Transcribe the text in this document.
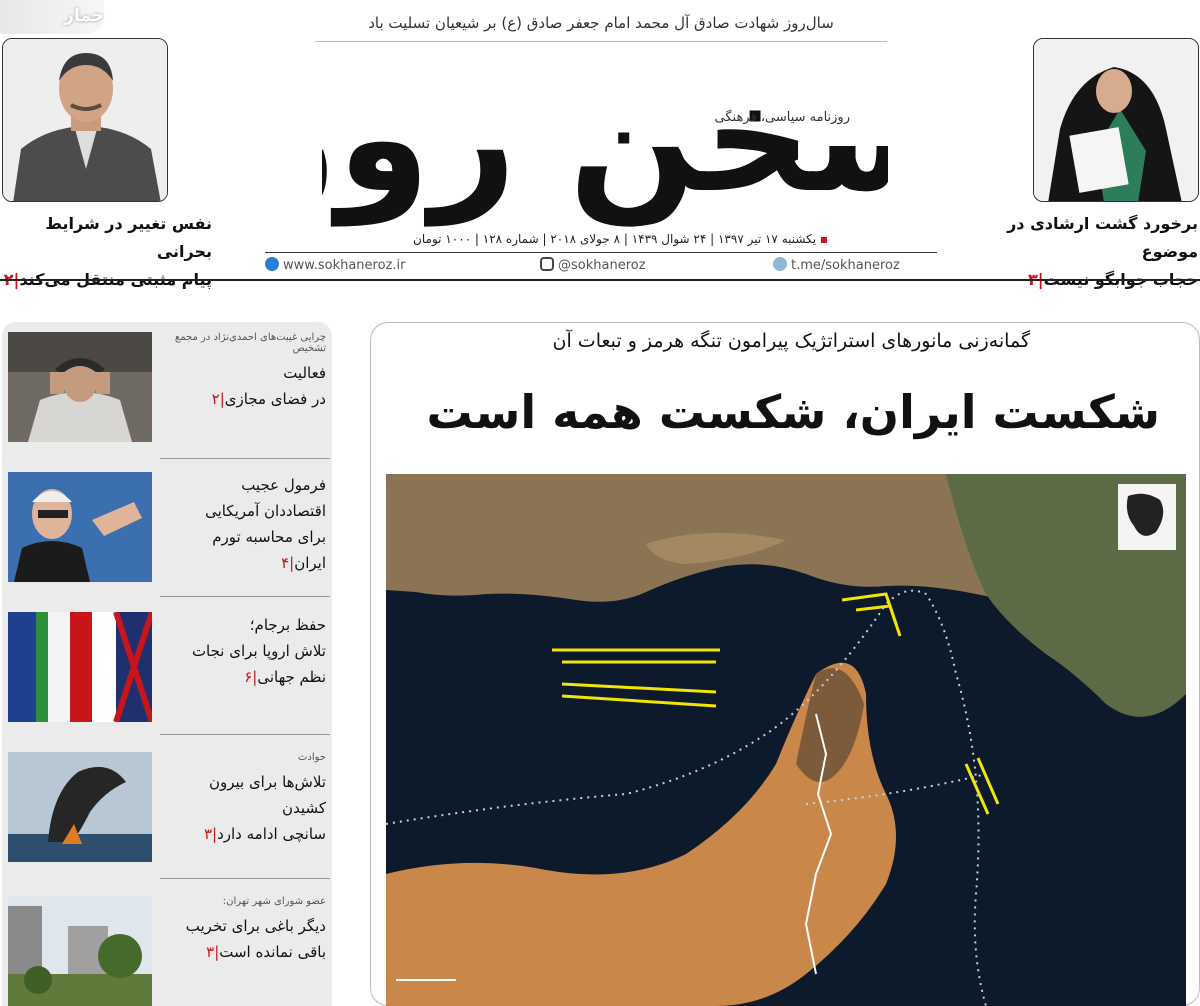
جمار	سال‌روز شهادت صادق آل محمد امام جعفر صادق (ع) بر شیعیان تسلیت باد
نفس تغییر در شرایط بحرانی
پیام مثبتی منتقل می‌کند|۲
برخورد گشت ارشادی در موضوع
حجاب جوابگو نیست|۳
خن رو	روزنامه سیاسی، فرهنگی
▪ یکشنبه ۱۷ تیر ۱۳۹۷ | ۲۴ شوال ۱۴۳۹ | ۸ جولای ۲۰۱۸ | شماره ۱۲۸ | ۱۰۰۰ تومان
www.sokhaneroz.ir	@sokhaneroz	t.me/sokhaneroz
چرایی غیبت‌های احمدی‌نژاد در مجمع تشخیص
فعالیت
در فضای مجازی|۲
فرمول عجیب
اقتصاددان آمریکایی
برای محاسبه تورم
ایران|۴
حفظ برجام؛
تلاش اروپا برای نجات
نظم جهانی|۶
حوادث
تلاش‌ها برای بیرون کشیدن
سانچی ادامه دارد|۳
عضو شورای شهر تهران:
دیگر باغی برای تخریب
باقی نمانده است|۳
گمانه‌زنی مانورهای استراتژیک پیرامون تنگه هرمز و تبعات آن
شکست ایران، شکست همه است
